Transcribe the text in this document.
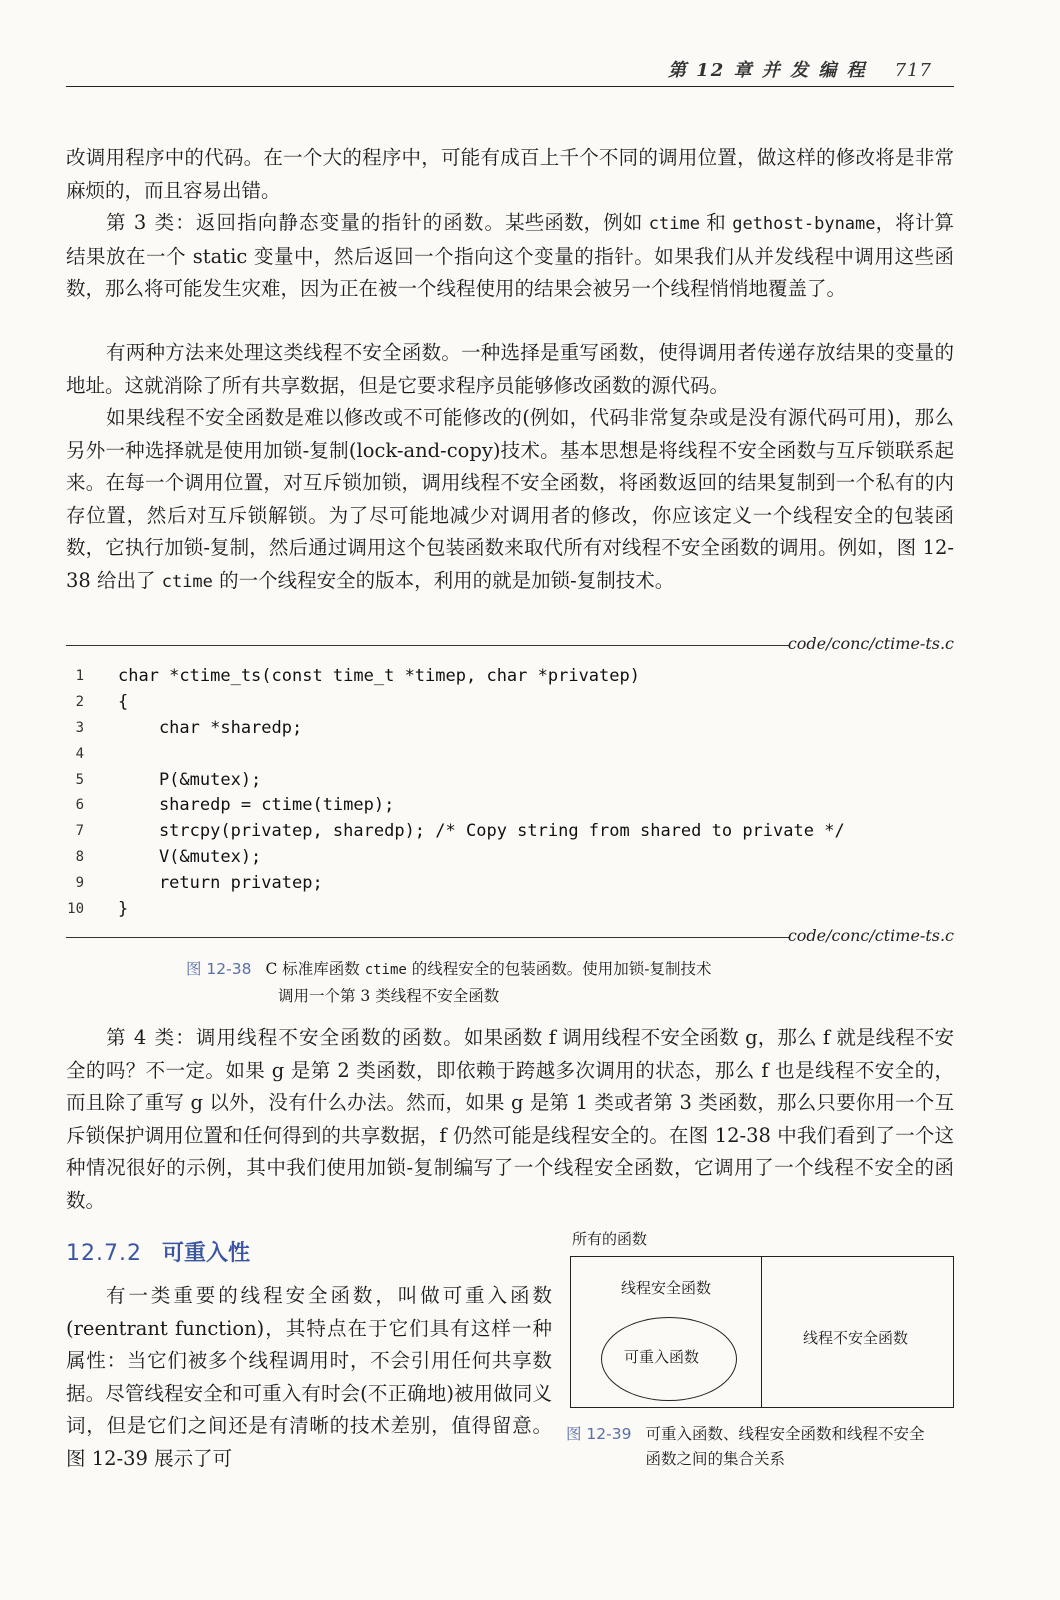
第 12 章 并 发 编 程 717

改调用程序中的代码。在一个大的程序中，可能有成百上千个不同的调用位置，做这样的修改将是非常麻烦的，而且容易出错。

第 3 类：返回指向静态变量的指针的函数。某些函数，例如 ctime 和 gethost-byname，将计算结果放在一个 static 变量中，然后返回一个指向这个变量的指针。如果我们从并发线程中调用这些函数，那么将可能发生灾难，因为正在被一个线程使用的结果会被另一个线程悄悄地覆盖了。

有两种方法来处理这类线程不安全函数。一种选择是重写函数，使得调用者传递存放结果的变量的地址。这就消除了所有共享数据，但是它要求程序员能够修改函数的源代码。

如果线程不安全函数是难以修改或不可能修改的(例如，代码非常复杂或是没有源代码可用)，那么另外一种选择就是使用加锁-复制(lock-and-copy)技术。基本思想是将线程不安全函数与互斥锁联系起来。在每一个调用位置，对互斥锁加锁，调用线程不安全函数，将函数返回的结果复制到一个私有的内存位置，然后对互斥锁解锁。为了尽可能地减少对调用者的修改，你应该定义一个线程安全的包装函数，它执行加锁-复制，然后通过调用这个包装函数来取代所有对线程不安全函数的调用。例如，图 12-38 给出了 ctime 的一个线程安全的版本，利用的就是加锁-复制技术。

code/conc/ctime-ts.c
1 char *ctime_ts(const time_t *timep, char *privatep)
2 {
3 char *sharedp;
4
5 P(&mutex);
6 sharedp = ctime(timep);
7 strcpy(privatep, sharedp); /* Copy string from shared to private */
8 V(&mutex);
9 return privatep;
10 }
code/conc/ctime-ts.c
图 12-38 C 标准库函数 ctime 的线程安全的包装函数。使用加锁-复制技术
调用一个第 3 类线程不安全函数

第 4 类：调用线程不安全函数的函数。如果函数 f 调用线程不安全函数 g，那么 f 就是线程不安全的吗？不一定。如果 g 是第 2 类函数，即依赖于跨越多次调用的状态，那么 f 也是线程不安全的，而且除了重写 g 以外，没有什么办法。然而，如果 g 是第 1 类或者第 3 类函数，那么只要你用一个互斥锁保护调用位置和任何得到的共享数据，f 仍然可能是线程安全的。在图 12-38 中我们看到了一个这种情况很好的示例，其中我们使用加锁-复制编写了一个线程安全函数，它调用了一个线程不安全的函数。

12.7.2 可重入性

有一类重要的线程安全函数，叫做可重入函数(reentrant function)，其特点在于它们具有这样一种属性：当它们被多个线程调用时，不会引用任何共享数据。尽管线程安全和可重入有时会(不正确地)被用做同义词，但是它们之间还是有清晰的技术差别，值得留意。图 12-39 展示了可

所有的函数
线程安全函数
可重入函数
线程不安全函数
图 12-39 可重入函数、线程安全函数和线程不安全函数之间的集合关系
